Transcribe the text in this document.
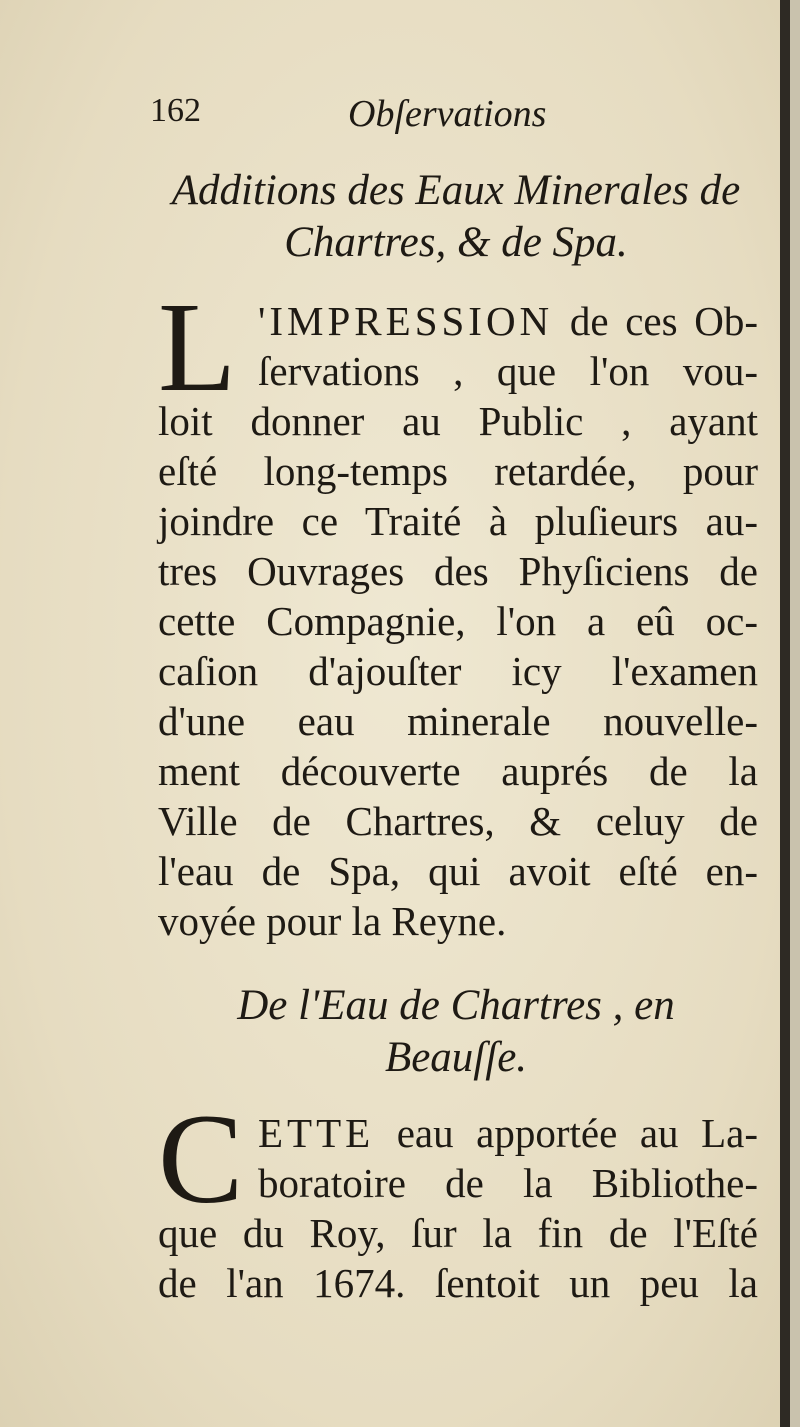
162	Obſervations
Additions des Eaux Minerales de
Chartres, & de Spa.
L 'IMPRESSION de ces Ob-
ſervations , que l'on vou-
loit donner au Public , ayant
eſté long-temps retardée, pour
joindre ce Traité à pluſieurs au-
tres Ouvrages des Phyſiciens de
cette Compagnie, l'on a eû oc-
caſion d'ajouſter icy l'examen
d'une eau minerale nouvelle-
ment découverte auprés de la
Ville de Chartres, & celuy de
l'eau de Spa, qui avoit eſté en-
voyée pour la Reyne.
De l'Eau de Chartres , en
Beauſſe.
C ETTE eau apportée au La-
boratoire de la Bibliothe-
que du Roy, ſur la fin de l'Eſté
de l'an 1674. ſentoit un peu la
